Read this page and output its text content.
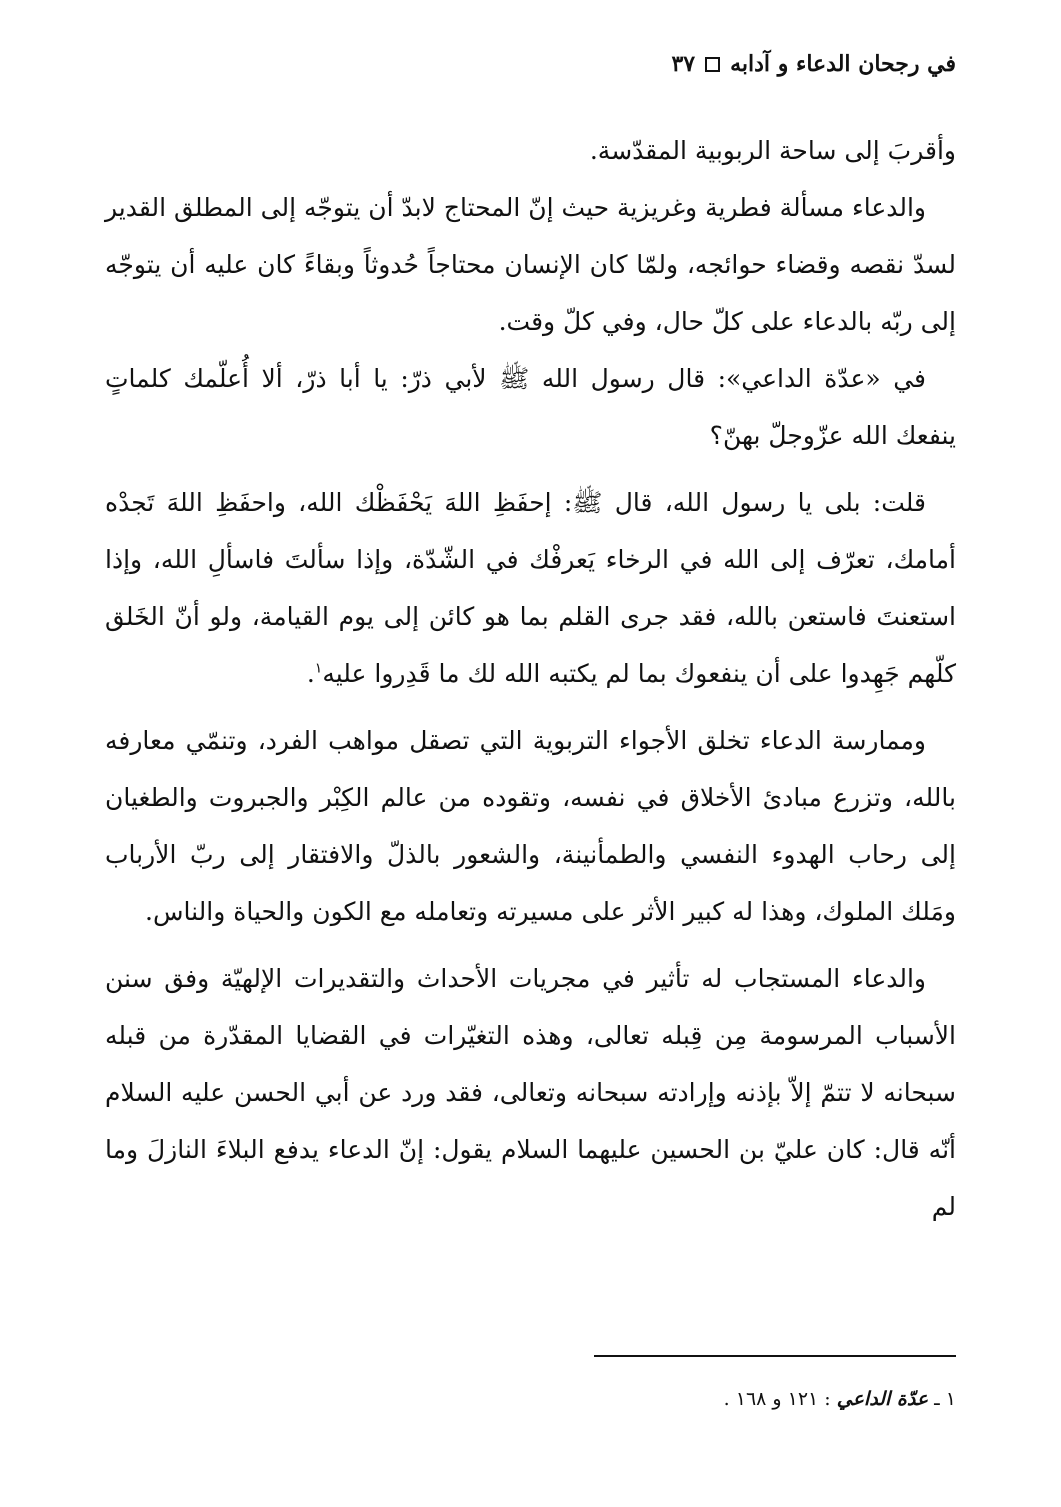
في رجحان الدعاء و آدابه
٣٧

وأقربَ إلى ساحة الربوبية المقدّسة.

والدعاء مسألة فطرية وغريزية حيث إنّ المحتاج لابدّ أن يتوجّه إلى المطلق القدير لسدّ نقصه وقضاء حوائجه، ولمّا كان الإنسان محتاجاً حُدوثاً وبقاءً كان عليه أن يتوجّه إلى ربّه بالدعاء على كلّ حال، وفي كلّ وقت.

في «عدّة الداعي»: قال رسول الله ﷺ لأبي ذرّ: يا أبا ذرّ، ألا أُعلّمك كلماتٍ ينفعك الله عزّوجلّ بهنّ؟

قلت: بلى يا رسول الله، قال ﷺ: إحفَظِ اللهَ يَحْفَظْك الله، واحفَظِ اللهَ تَجدْه أمامك، تعرّف إلى الله في الرخاء يَعرفْك في الشّدّة، وإذا سألتَ فاسألِ الله، وإذا استعنتَ فاستعن بالله، فقد جرى القلم بما هو كائن إلى يوم القيامة، ولو أنّ الخَلق كلّهم جَهِدوا على أن ينفعوك بما لم يكتبه الله لك ما قَدِروا عليه$^١$.

وممارسة الدعاء تخلق الأجواء التربوية التي تصقل مواهب الفرد، وتنمّي معارفه بالله، وتزرع مبادئ الأخلاق في نفسه، وتقوده من عالم الكِبْر والجبروت والطغيان إلى رحاب الهدوء النفسي والطمأنينة، والشعور بالذلّ والافتقار إلى ربّ الأرباب ومَلك الملوك، وهذا له كبير الأثر على مسيرته وتعامله مع الكون والحياة والناس.

والدعاء المستجاب له تأثير في مجريات الأحداث والتقديرات الإلهيّة وفق سنن الأسباب المرسومة مِن قِبله تعالى، وهذه التغيّرات في القضايا المقدّرة من قبله سبحانه لا تتمّ إلاّ بإذنه وإرادته سبحانه وتعالى، فقد ورد عن أبي الحسن عليه السلام أنّه قال: كان عليّ بن الحسين عليهما السلام يقول: إنّ الدعاء يدفع البلاءَ النازلَ وما لم

١ ـ عدّة الداعي : ١٢١ و ١٦٨ .
